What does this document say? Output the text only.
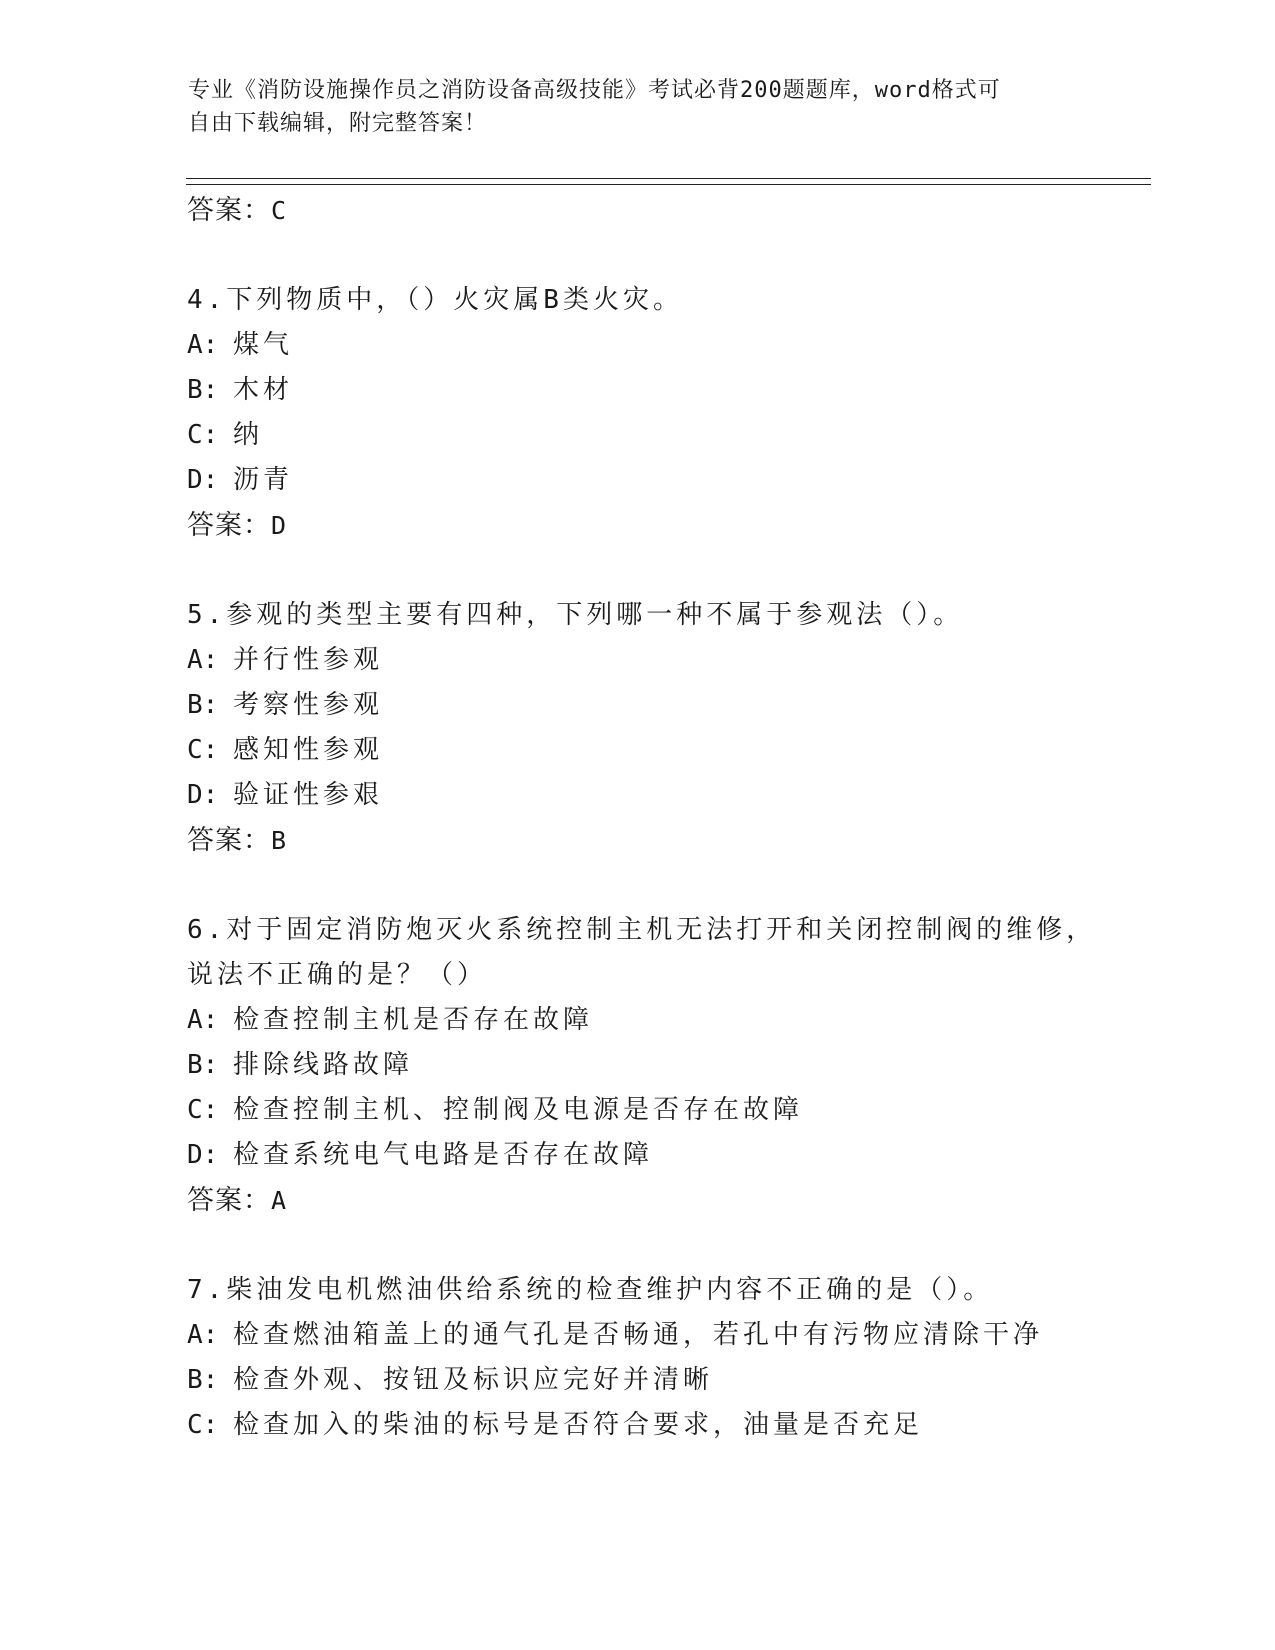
专业《消防设施操作员之消防设备高级技能》考试必背200题题库，word格式可
自由下载编辑，附完整答案！
答案：C
4.下列物质中，（）火灾属B类火灾。
A: 煤气
B: 木材
C: 纳
D: 沥青
答案：D
5.参观的类型主要有四种，下列哪一种不属于参观法（）。
A: 并行性参观
B: 考察性参观
C: 感知性参观
D: 验证性参艰
答案：B
6.对于固定消防炮灭火系统控制主机无法打开和关闭控制阀的维修，
说法不正确的是？（）
A: 检查控制主机是否存在故障
B: 排除线路故障
C: 检查控制主机、控制阀及电源是否存在故障
D: 检查系统电气电路是否存在故障
答案：A
7.柴油发电机燃油供给系统的检查维护内容不正确的是（）。
A: 检查燃油箱盖上的通气孔是否畅通，若孔中有污物应清除干净
B: 检查外观、按钮及标识应完好并清晰
C: 检查加入的柴油的标号是否符合要求，油量是否充足
